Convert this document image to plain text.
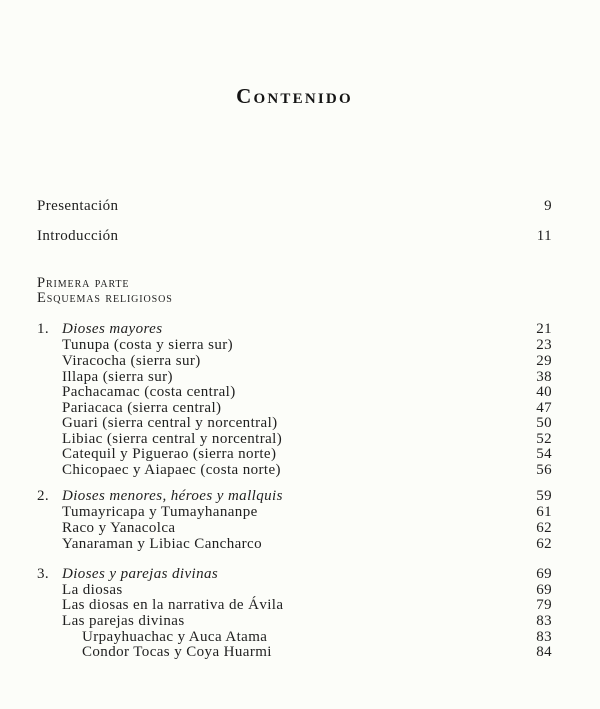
Contenido
Presentación	9
Introducción	11
Primera parte
Esquemas religiosos
1. Dioses mayores	21
Tunupa (costa y sierra sur)	23
Viracocha (sierra sur)	29
Illapa (sierra sur)	38
Pachacamac (costa central)	40
Pariacaca (sierra central)	47
Guari (sierra central y norcentral)	50
Libiac (sierra central y norcentral)	52
Catequil y Piguerao (sierra norte)	54
Chicopaec y Aiapaec (costa norte)	56
2. Dioses menores, héroes y mallquis	59
Tumayricapa y Tumayhananpe	61
Raco y Yanacolca	62
Yanaraman y Libiac Cancharco	62
3. Dioses y parejas divinas	69
La diosas	69
Las diosas en la narrativa de Ávila	79
Las parejas divinas	83
Urpayhuachac y Auca Atama	83
Condor Tocas y Coya Huarmi	84
